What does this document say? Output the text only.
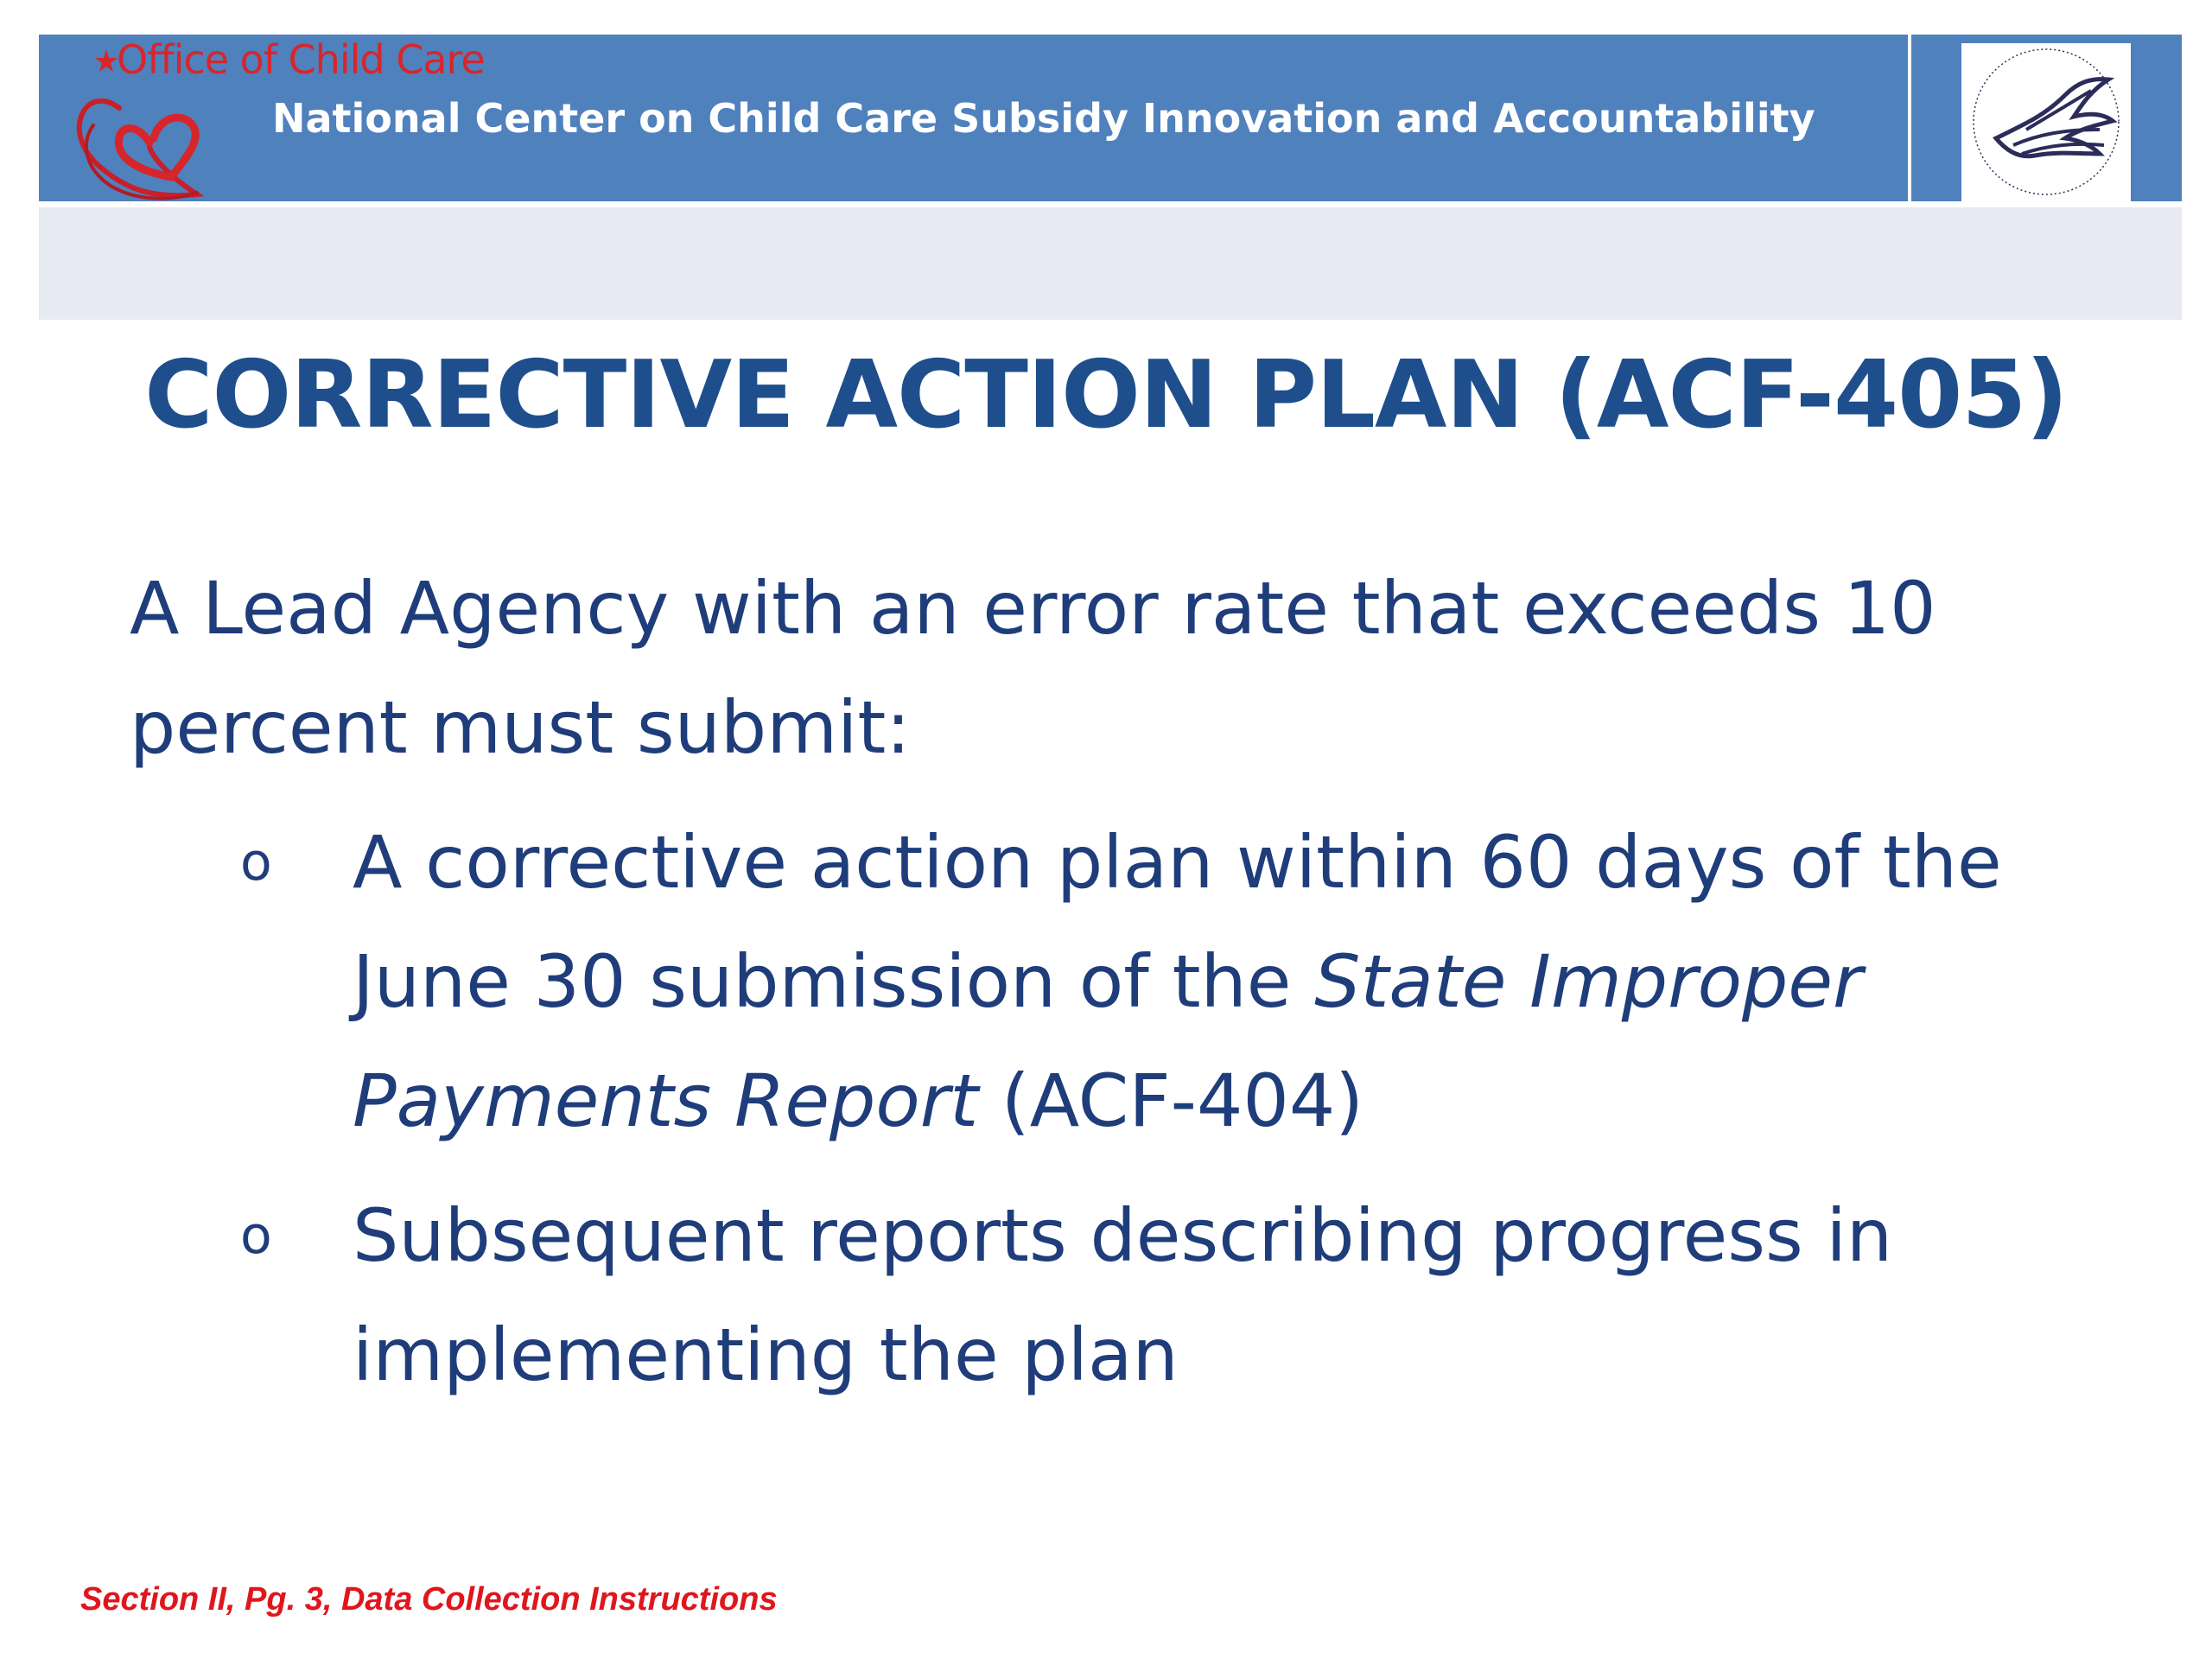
Office of Child Care
National Center on Child Care Subsidy Innovation and Accountability
CORRECTIVE ACTION PLAN (ACF-405)

A Lead Agency with an error rate that exceeds 10 percent must submit:

o A corrective action plan within 60 days of the June 30 submission of the State Improper Payments Report (ACF-404)
o Subsequent reports describing progress in implementing the plan
Section II, Pg. 3, Data Collection Instructions
